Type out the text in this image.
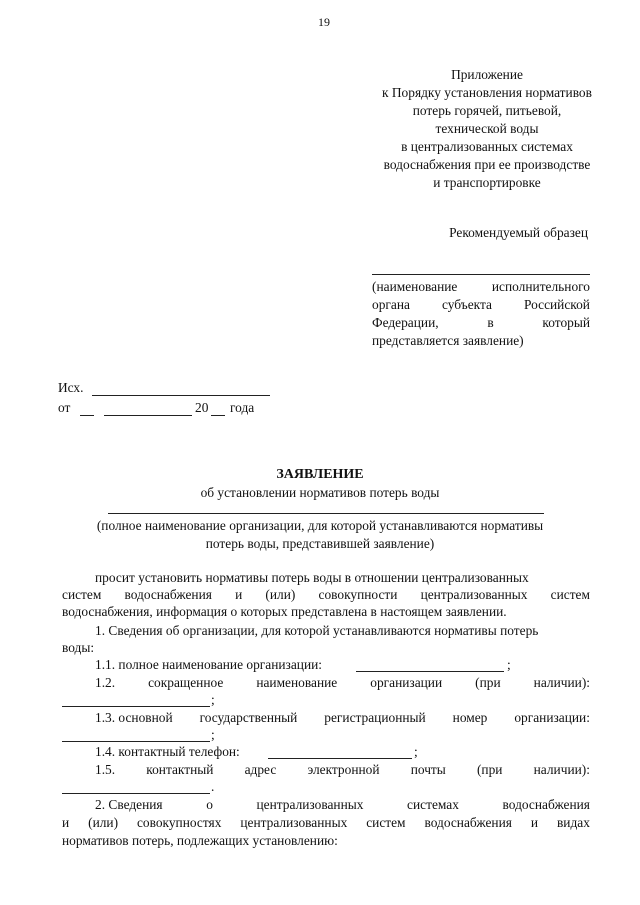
19
Приложение
к Порядку установления нормативов
потерь горячей, питьевой,
технической воды
в централизованных системах
водоснабжения при ее производстве
и транспортировке
Рекомендуемый образец
(наименование	исполнительного
органа субъекта Российской
Федерации,	в	который
представляется заявление)
Исх.
от	20 года
ЗАЯВЛЕНИЕ
об установлении нормативов потерь воды
(полное наименование организации, для которой устанавливаются нормативы
потерь воды, представившей заявление)
просит установить нормативы потерь воды в отношении централизованных
систем водоснабжения и (или) совокупности централизованных систем
водоснабжения, информация о которых представлена в настоящем заявлении.
1. Сведения об организации, для которой устанавливаются нормативы потерь
воды:
1.1. полное наименование организации:	;
1.2. сокращенное наименование организации (при наличии):
;
1.3. основной государственный регистрационный номер организации:
;
1.4. контактный телефон:	;
1.5. контактный адрес электронной почты (при наличии):
.
2. Сведения	о	централизованных	системах	водоснабжения
и (или) совокупностях централизованных систем водоснабжения и видах
нормативов потерь, подлежащих установлению:
